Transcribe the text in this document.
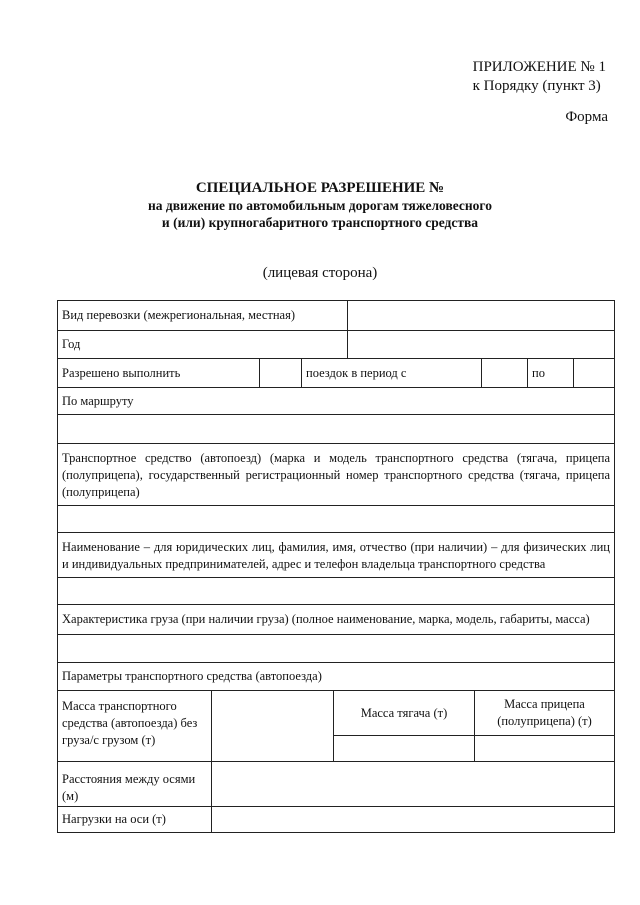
ПРИЛОЖЕНИЕ № 1
к Порядку (пункт 3)
Форма
СПЕЦИАЛЬНОЕ РАЗРЕШЕНИЕ №
на движение по автомобильным дорогам тяжеловесного
и (или) крупногабаритного транспортного средства
(лицевая сторона)
Вид перевозки (межрегиональная, местная)
Год
Разрешено выполнить	поездок в период с	по
По маршруту
Транспортное средство (автопоезд) (марка и модель транспортного средства (тягача, прицепа (полуприцепа), государственный регистрационный номер транспортного средства (тягача, прицепа (полуприцепа)
Наименование – для юридических лиц, фамилия, имя, отчество (при наличии) – для физических лиц и индивидуальных предпринимателей, адрес и телефон владельца транспортного средства
Характеристика груза (при наличии груза) (полное наименование, марка, модель, габариты, масса)
Параметры транспортного средства (автопоезда)
Масса транспортного средства (автопоезда) без груза/с грузом (т)
Масса тягача (т)
Масса прицепа (полуприцепа) (т)
Расстояния между осями (м)
Нагрузки на оси (т)
